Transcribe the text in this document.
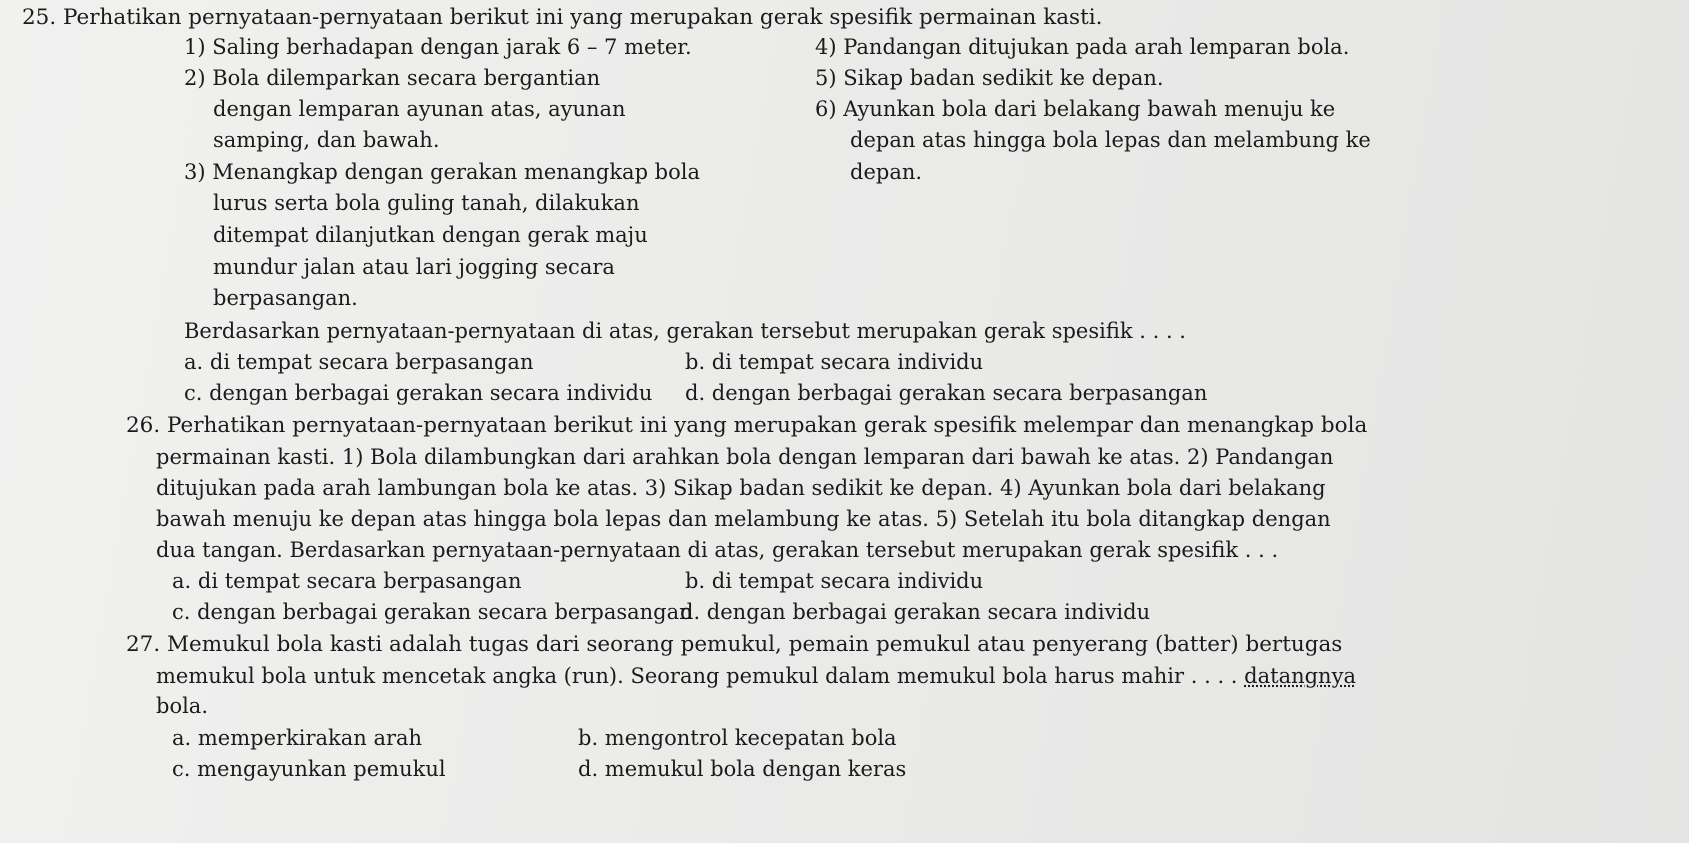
25. Perhatikan pernyataan-pernyataan berikut ini yang merupakan gerak spesifik permainan kasti.
1) Saling berhadapan dengan jarak 6 – 7 meter.
2) Bola dilemparkan secara bergantian
dengan lemparan ayunan atas, ayunan
samping, dan bawah.
3) Menangkap dengan gerakan menangkap bola
lurus serta bola guling tanah, dilakukan
ditempat dilanjutkan dengan gerak maju
mundur jalan atau lari jogging secara
berpasangan.
4) Pandangan ditujukan pada arah lemparan bola.
5) Sikap badan sedikit ke depan.
6) Ayunkan bola dari belakang bawah menuju ke
depan atas hingga bola lepas dan melambung ke
depan.
Berdasarkan pernyataan-pernyataan di atas, gerakan tersebut merupakan gerak spesifik . . . .
a. di tempat secara berpasangan	b. di tempat secara individu
c. dengan berbagai gerakan secara individu d. dengan berbagai gerakan secara berpasangan
26. Perhatikan pernyataan-pernyataan berikut ini yang merupakan gerak spesifik melempar dan menangkap bola
permainan kasti. 1) Bola dilambungkan dari arahkan bola dengan lemparan dari bawah ke atas. 2) Pandangan
ditujukan pada arah lambungan bola ke atas. 3) Sikap badan sedikit ke depan. 4) Ayunkan bola dari belakang
bawah menuju ke depan atas hingga bola lepas dan melambung ke atas. 5) Setelah itu bola ditangkap dengan
dua tangan. Berdasarkan pernyataan-pernyataan di atas, gerakan tersebut merupakan gerak spesifik . . .
a. di tempat secara berpasangan	b. di tempat secara individu
c. dengan berbagai gerakan secara berpasangan
d. dengan berbagai gerakan secara individu
27. Memukul bola kasti adalah tugas dari seorang pemukul, pemain pemukul atau penyerang (batter) bertugas
memukul bola untuk mencetak angka (run). Seorang pemukul dalam memukul bola harus mahir . . . . datangnya
bola.
a. memperkirakan arah	b. mengontrol kecepatan bola
c. mengayunkan pemukul	d. memukul bola dengan keras
